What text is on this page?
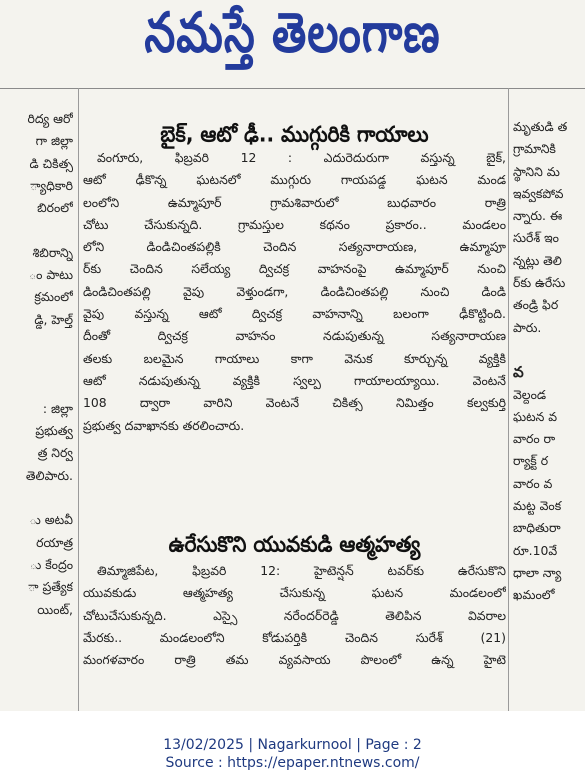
నమస్తే తెలంగాణ
రిద్య ఆరో
గా జిల్లా
డి చికిత్స
్యాధికారి
బిరంలో

శిబిరాన్ని
ం పాటు
క్రమంలో
డ్డి, హెల్త్

: జిల్లా
ప్రభుత్వ
త్ర నిర్వ
తెలిపారు.

ు అటవీ
రయాత్ర
ు కేంద్రం
ా ప్రత్యేక
యింట్,
బైక్, ఆటో ఢీ.. ముగ్గురికి గాయాలు
వంగూరు, ఫిబ్రవరి 12 : ఎదురెదురుగా వస్తున్న బైక్,
ఆటో ఢీకొన్న ఘటనలో ముగ్గురు గాయపడ్డ ఘటన మండ
లంలోని ఉమ్మాపూర్ గ్రామశివారులో బుధవారం రాత్రి
చోటు చేసుకున్నది. గ్రామస్తుల కథనం ప్రకారం.. మండలం
లోని డిండిచింతపల్లికి చెందిన సత్యనారాయణ, ఉమ్మాపూ
ర్‌కు చెందిన సలేయ్య ద్విచక్ర వాహనంపై ఉమ్మాపూర్ నుంచి
డిండిచింతపల్లి వైపు వెళ్తుండగా, డిండిచింతపల్లి నుంచి డిండి
వైపు వస్తున్న ఆటో ద్విచక్ర వాహనాన్ని బలంగా ఢీకొట్టింది.
దీంతో ద్విచక్ర వాహనం నడుపుతున్న సత్యనారాయణ
తలకు బలమైన గాయాలు కాగా వెనుక కూర్చున్న వ్యక్తికి
ఆటో నడుపుతున్న వ్యక్తికి స్వల్ప గాయాలయ్యాయి. వెంటనే
108 ద్వారా వారిని వెంటనే చికిత్స నిమిత్తం కల్వకుర్తి
ప్రభుత్వ దవాఖానకు తరలించారు.
ఉరేసుకొని యువకుడి ఆత్మహత్య
తిమ్మాజిపేట, ఫిబ్రవరి 12: హైటెన్షన్ టవర్‌కు ఉరేసుకొని
యువకుడు ఆత్మహత్య చేసుకున్న ఘటన మండలంలో
చోటుచేసుకున్నది. ఎస్సై నరేందర్‌రెడ్డి తెలిపిన వివరాల
మేరకు.. మండలంలోని కోడుపర్తికి చెందిన సురేశ్ (21)
మంగళవారం రాత్రి తమ వ్యవసాయ పొలంలో ఉన్న హైటె
మృతుడి త
గ్రామానికి
స్థానిని మ
ఇవ్వకపోవ
న్నారు. ఈ
సురేశ్ ఇం
న్నట్లు తెలి
ర్‌కు ఉరేసు
తండ్రి ఫిర
పారు.

వ
వెల్దండ
ఘటన వ
వారం రా
ర్యాక్ట్ ర
వారం వ
మట్ట వెంక
బాధితురా
రూ.10వే
ధాలా న్యా
ఖమంలో
13/02/2025 | Nagarkurnool | Page : 2
Source : https://epaper.ntnews.com/
